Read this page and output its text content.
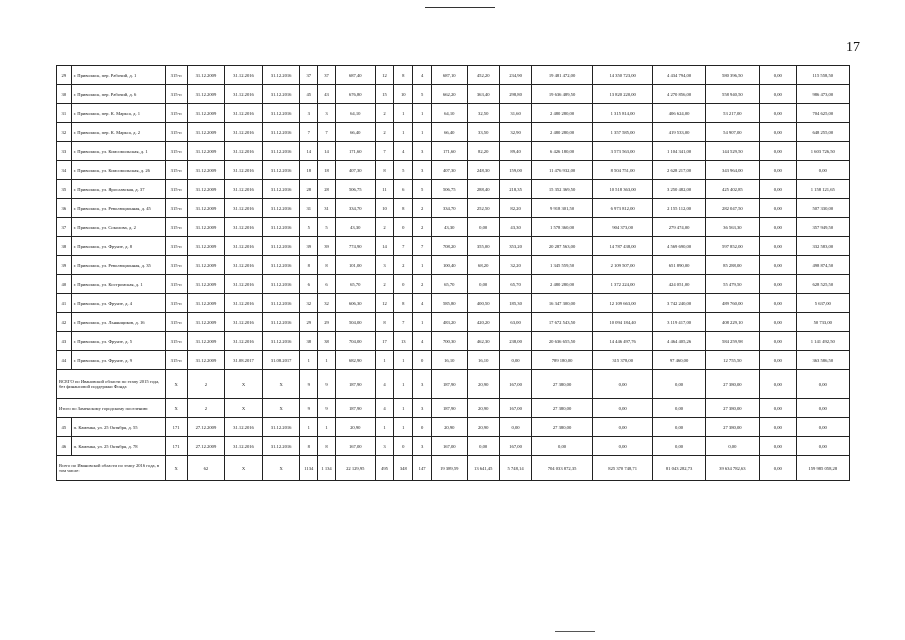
17
29	г. Приволжск, пер. Рабочий, д. 1	315-п	31.12.2009	31.12.2016	31.12.2016	37	37	687,40	12	8	4	687,10	452,20	234,90	19 481 472,00	14 350 723,00	4 434 794,00	580 396,50	0,00	115 558,50
30	г. Приволжск, пер. Рабочий, д. 6	315-п	31.12.2009	31.12.2016	31.12.2016	45	43	676,80	15	10	5	662,20	363,40	298,80	19 636 489,50	13 820 220,00	4 270 856,00	558 940,50	0,00	986 473,00
31	г. Приволжск, пер. К. Маркса, д. 1	315-п	31.12.2009	31.12.2016	31.12.2016	3	3	64,10	2	1	1	64,10	32,50	31,60	2 480 280,00	1 315 814,00	406 624,00	53 217,00	0,00	704 625,00
32	г. Приволжск, пер. К. Маркса, д. 2	315-п	31.12.2009	31.12.2016	31.12.2016	7	7	66,40	2	1	1	66,40	33,50	32,90	2 480 280,00	1 357 585,00	419 533,00	54 907,00	0,00	648 255,00
33	г. Приволжск, ул. Комсомольская, д. 1	315-п	31.12.2009	31.12.2016	31.12.2016	14	14	171,60	7	4	3	171,60	82,20	89,40	6 426 180,00	3 573 563,00	1 104 341,00	144 529,50	0,00	1 603 726,50
34	г. Приволжск, ул. Комсомольская, д. 26	315-п	31.12.2009	31.12.2016	31.12.2016	18	18	407,30	8	5	3	407,30	248,30	159,00	11 476 932,00	8 504 751,00	2 628 217,00	343 964,00	0,00	0,00
35	г. Приволжск, ул. Ярославская, д. 37	315-п	31.12.2009	31.12.2016	31.12.2016	28	28	506,75	11	6	5	506,75	288,40	218,35	15 352 369,50	10 518 363,00	3 250 482,00	425 402,85	0,00	1 158 121,65
36	г. Приволжск, ул. Революционная, д. 45	315-п	31.12.2009	31.12.2016	31.12.2016	31	31	334,70	10	8	2	334,70	252,50	82,20	9 918 301,50	6 973 812,00	2 155 112,00	282 047,50	0,00	507 330,00
37	г. Приволжск, ул. Соколова, д. 2	315-п	31.12.2009	31.12.2016	31.12.2016	5	5	43,30	2	0	2	43,30	0,00	43,30	1 578 360,00	904 373,00	279 474,00	36 563,30	0,00	357 949,50
38	г. Приволжск, ул. Фрунзе, д. 8	315-п	31.12.2009	31.12.2016	31.12.2016	39	39	774,90	14	7	7	708,20	355,00	353,20	20 287 563,00	14 787 438,00	4 569 690,00	597 852,00	0,00	332 583,00
39	г. Приволжск, ул. Революционная, д. 35	315-п	31.12.2009	31.12.2016	31.12.2016	8	8	101,00	3	2	1	100,40	68,20	32,20	1 345 559,50	2 109 507,00	651 890,00	85 288,00	0,00	498 874,50
40	г. Приволжск, ул. Костромская, д. 1	315-п	31.12.2009	31.12.2016	31.12.2016	6	6	65,70	2	0	2	65,70	0,00	65,70	2 480 280,00	1 372 224,00	424 051,00	55 479,50	0,00	628 525,50
41	г. Приволжск, ул. Фрунзе, д. 4	315-п	31.12.2009	31.12.2016	31.12.2016	32	32	606,30	12	8	4	585,80	400,50	185,30	16 347 300,00	12 109 663,00	3 742 240,00	489 760,00	0,00	5 637,00
42	г. Приволжск, ул. Льнянщиков, д. 16	315-п	31.12.2009	31.12.2016	31.12.2016	29	29	504,00	8	7	1	483,20	420,20	63,00	17 672 543,50	10 094 184,40	3 119 417,00	408 229,10	0,00	50 733,00
43	г. Приволжск, ул. Фрунзе, д. 5	315-п	31.12.2009	31.12.2016	31.12.2016	38	38	704,00	17	13	4	700,30	462,30	238,00	20 636 655,50	14 446 497,76	4 464 405,26	584 259,98	0,00	1 141 492,50
44	г. Приволжск, ул. Фрунзе, д. 9	315-п	31.12.2009	31.08.2017	31.08.2017	1	1	682,90	1	1	0	16,10	16,10	0,00	789 180,00	315 378,00	97 460,00	12 755,50	0,00	363 586,50
ВСЕГО по Ивановской области по этапу 2015 года, без финансовой поддержки Фонда		X	2	X	X	9	9	187,90	4	1	3	187,90	20,90	167,00	27 380,00	0,00	0,00	27 380,00	0,00	0,00
Итого по Заменскому городскому поселению:		X	2	X	X	9	9	187,90	4	1	3	187,90	20,90	167,00	27 380,00	0,00	0,00	27 380,00	0,00	0,00
45	п. Каменка, ул. 25 Октября, д. 55	171	27.12.2009	31.12.2016	31.12.2016	1	1	20,90	1	1	0	20,90	20,90	0,00	27 380,00	0,00	0,00	27 380,00	0,00	0,00
46	п. Каменка, ул. 25 Октября, д. 78	171	27.12.2009	31.12.2016	31.12.2016	8	8	167,00	3	0	3	167,00	0,00	167,00	0,00	0,00	0,00	0,00	0,00	0,00
Всего по Ивановской области по этапу 2016 года, в том числе:		X	62	X	X	1134	1 134	22 129,95	495	348	147	19 389,59	13 641,45	5 748,14	704 033 872,35	825 370 748,71	81 043 282,73	39 634 782,63	0,00	159 985 058,28
